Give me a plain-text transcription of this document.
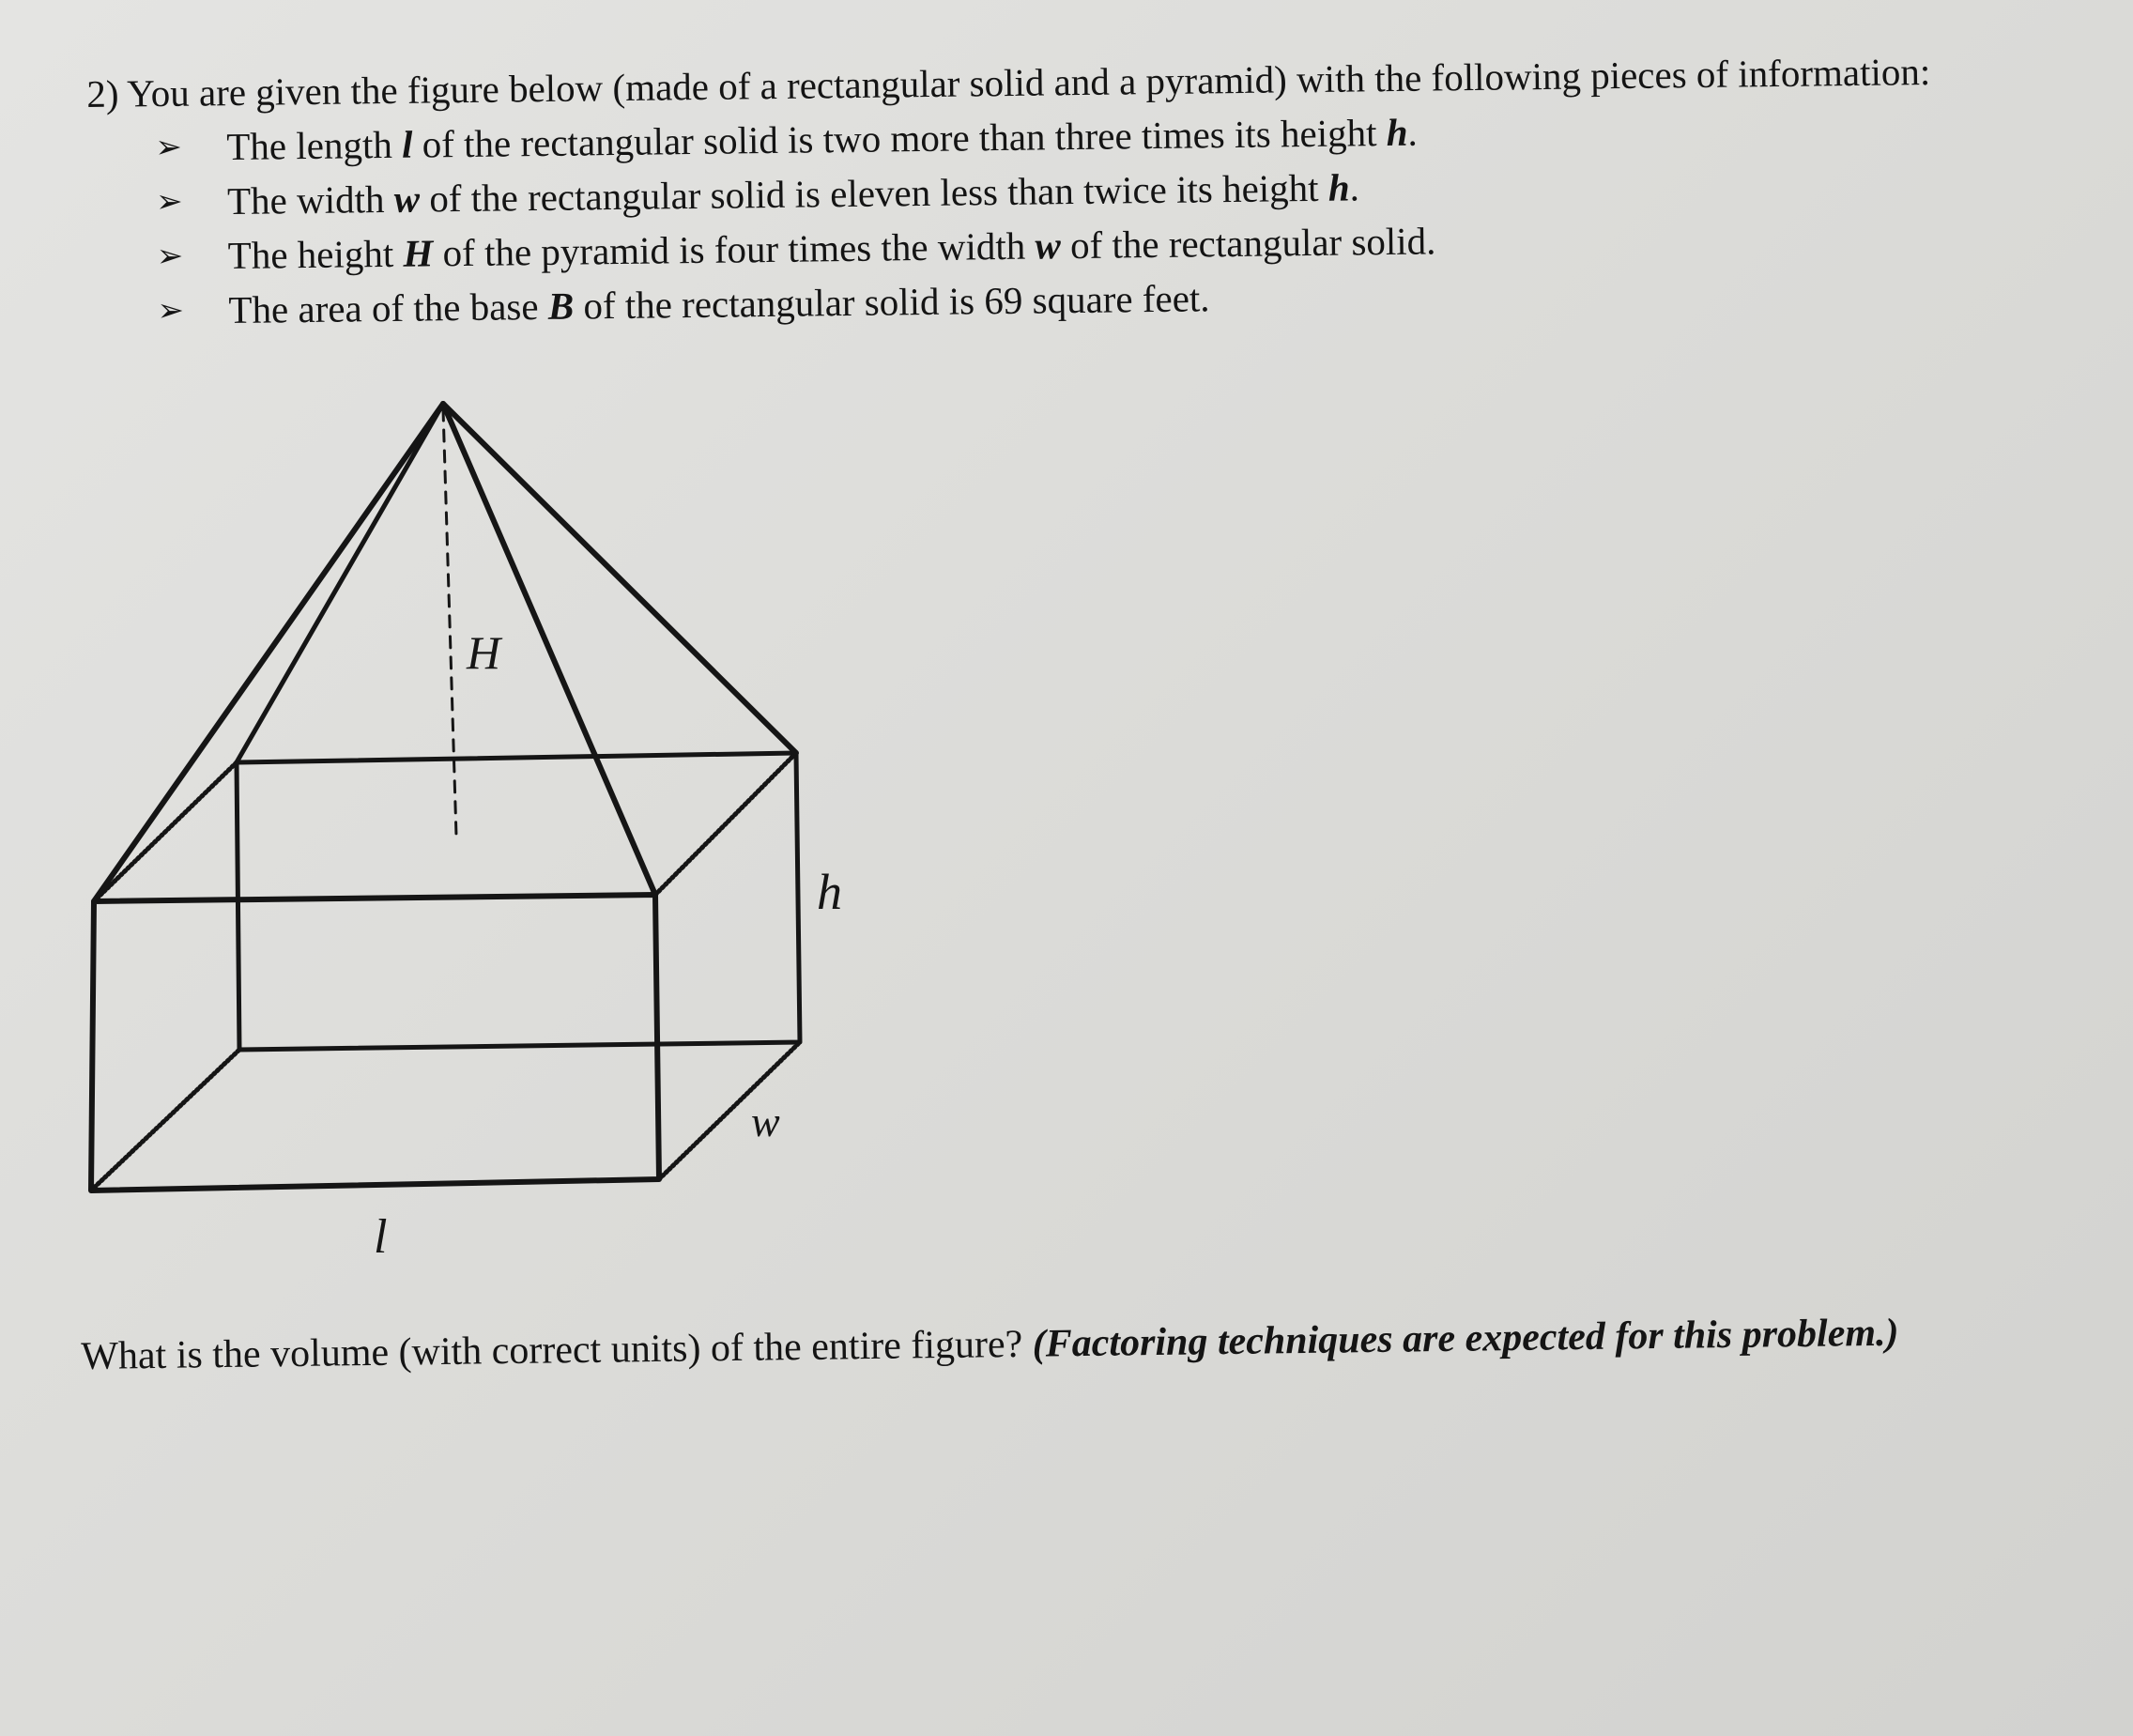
2) You are given the figure below (made of a rectangular solid and a pyramid) with the following pieces of information:
➢ The length l of the rectangular solid is two more than three times its height h.
➢ The width w of the rectangular solid is eleven less than twice its height h.
➢ The height H of the pyramid is four times the width w of the rectangular solid.
➢ The area of the base B of the rectangular solid is 69 square feet.
H
h
w
l
What is the volume (with correct units) of the entire figure? (Factoring techniques are expected for this problem.)
